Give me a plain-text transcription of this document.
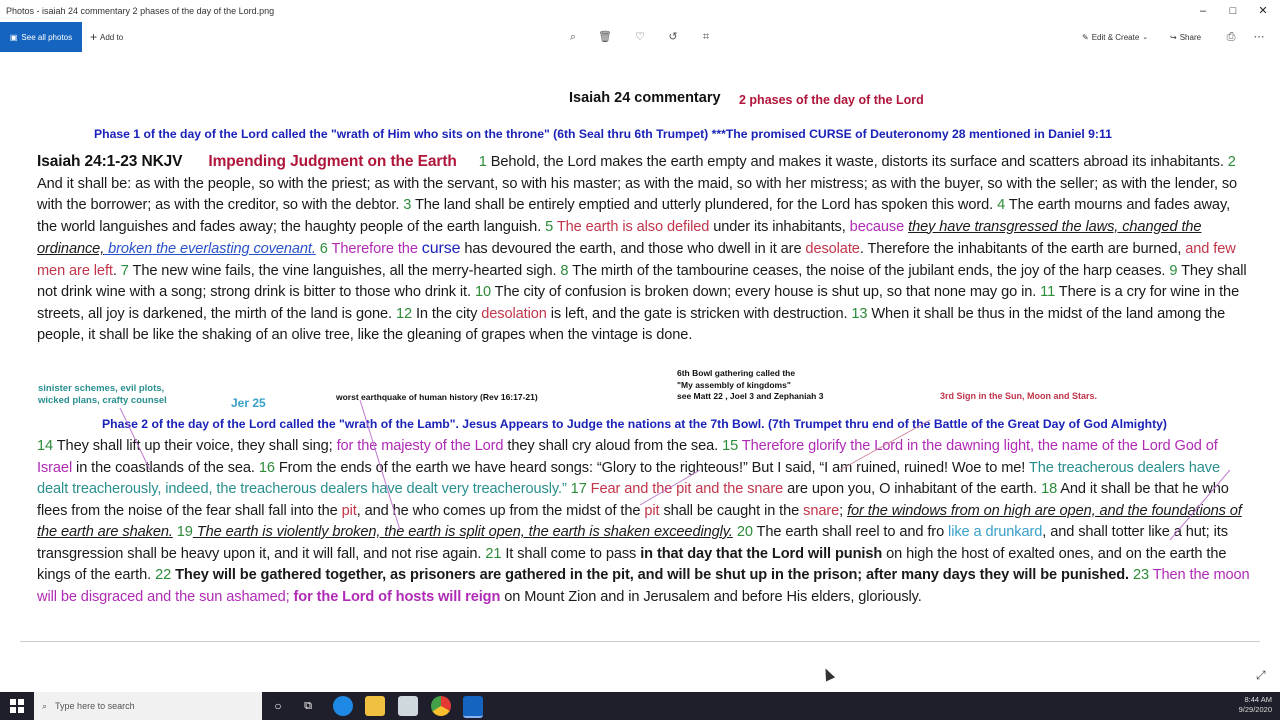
Photos - isaiah 24 commentary 2 phases of the day of the Lord.png	–	□	✕
▣ See all photos + Add to	⌕	🗑︎ ♡ ↺	⌗	✎ Edit & Create ⌄	↪ Share ⎙ ⋯
Isaiah 24 commentary 2 phases of the day of the Lord
Phase 1 of the day of the Lord called the "wrath of Him who sits on the throne" (6th Seal thru 6th Trumpet) ***The promised CURSE of Deuteronomy 28 mentioned in Daniel 9:11
Isaiah 24:1-23 NKJV Impending Judgment on the Earth 1 Behold, the Lord makes the earth empty and makes it waste, distorts its surface and scatters abroad its inhabitants. 2 And it shall be: as with the people, so with the priest; as with the servant, so with his master; as with the maid, so with her mistress; as with the buyer, so with the seller; as with the lender, so with the borrower; as with the creditor, so with the debtor. 3 The land shall be entirely emptied and utterly plundered, for the Lord has spoken this word. 4 The earth mourns and fades away, the world languishes and fades away; the haughty people of the earth languish. 5 The earth is also defiled under its inhabitants, because they have transgressed the laws, changed the ordinance, broken the everlasting covenant. 6 Therefore the curse has devoured the earth, and those who dwell in it are desolate. Therefore the inhabitants of the earth are burned, and few men are left. 7 The new wine fails, the vine languishes, all the merry-hearted sigh. 8 The mirth of the tambourine ceases, the noise of the jubilant ends, the joy of the harp ceases. 9 They shall not drink wine with a song; strong drink is bitter to those who drink it. 10 The city of confusion is broken down; every house is shut up, so that none may go in. 11 There is a cry for wine in the streets, all joy is darkened, the mirth of the land is gone. 12 In the city desolation is left, and the gate is stricken with destruction. 13 When it shall be thus in the midst of the land among the people, it shall be like the shaking of an olive tree, like the gleaning of grapes when the vintage is done.
sinister schemes, evil plots,
wicked plans, crafty counsel	Jer 25	worst earthquake of human history (Rev 16:17-21)
6th Bowl gathering called the
"My assembly of kingdoms"
see Matt 22 , Joel 3 and Zephaniah 3	3rd Sign in the Sun, Moon and Stars.
Phase 2 of the day of the Lord called the "wrath of the Lamb". Jesus Appears to Judge the nations at the 7th Bowl. (7th Trumpet thru end of the Battle of the Great Day of God Almighty)
14 They shall lift up their voice, they shall sing; for the majesty of the Lord they shall cry aloud from the sea. 15 Therefore glorify the Lord in the dawning light, the name of the Lord God of Israel in the coastlands of the sea. 16 From the ends of the earth we have heard songs: “Glory to the righteous!” But I said, “I am ruined, ruined! Woe to me! The treacherous dealers have dealt treacherously, indeed, the treacherous dealers have dealt very treacherously.” 17 Fear and the pit and the snare are upon you, O inhabitant of the earth. 18 And it shall be that he who flees from the noise of the fear shall fall into the pit, and he who comes up from the midst of the pit shall be caught in the snare; for the windows from on high are open, and the foundations of the earth are shaken. 19 The earth is violently broken, the earth is split open, the earth is shaken exceedingly. 20 The earth shall reel to and fro like a drunkard, and shall totter like a hut; its transgression shall be heavy upon it, and it will fall, and not rise again. 21 It shall come to pass in that day that the Lord will punish on high the host of exalted ones, and on the earth the kings of the earth. 22 They will be gathered together, as prisoners are gathered in the pit, and will be shut up in the prison; after many days they will be punished. 23 Then the moon will be disgraced and the sun ashamed; for the Lord of hosts will reign on Mount Zion and in Jerusalem and before His elders, gloriously.
⤢
⌕ Type here to search	○	⧉
8:44 AM
9/29/2020
